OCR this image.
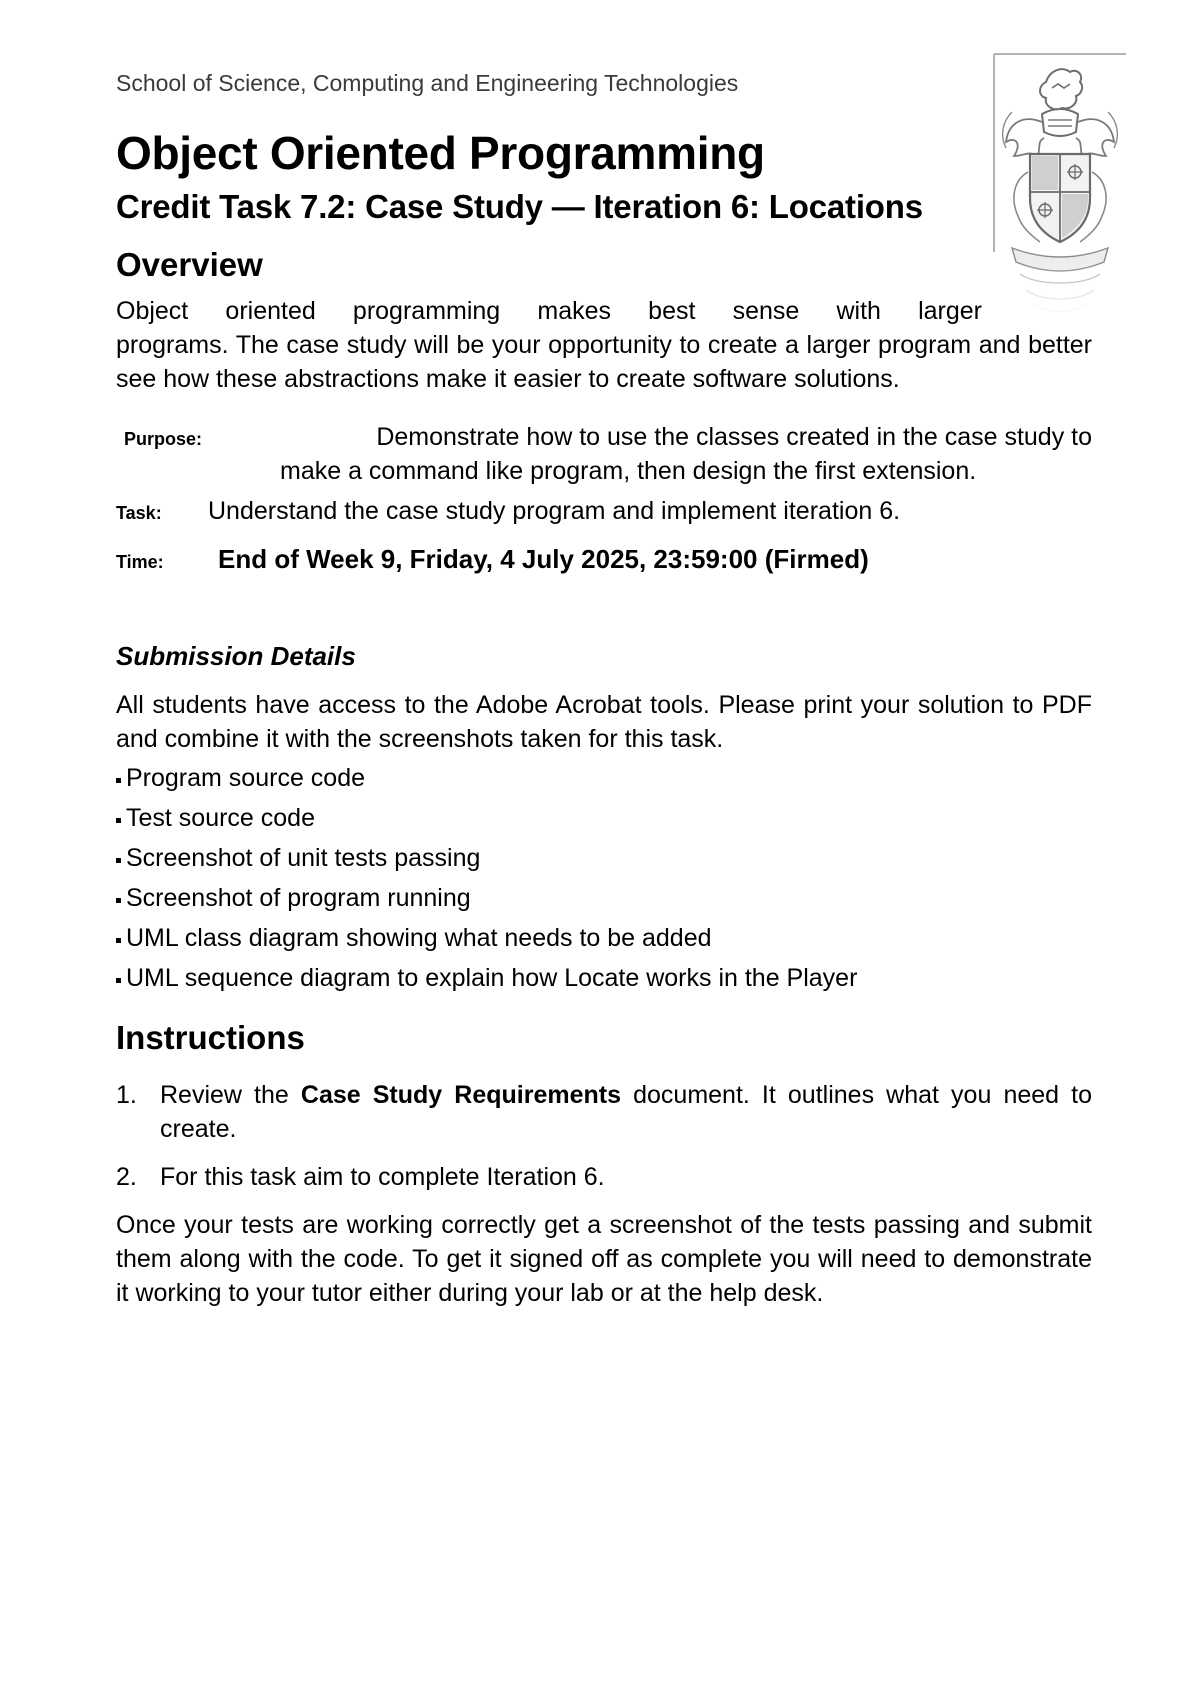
School of Science, Computing and Engineering Technologies

Object Oriented Programming
Credit Task 7.2: Case Study — Iteration 6: Locations
Overview

Object oriented programming makes best sense with larger

programs. The case study will be your opportunity to create a larger program and better see how these abstractions make it easier to create software solutions.

Purpose:	Demonstrate how to use the classes created in the case study to
make a command like program, then design the first extension.
Task:	Understand the case study program and implement iteration 6.
Time:	End of Week 9, Friday, 4 July 2025, 23:59:00 (Firmed)
Submission Details

All students have access to the Adobe Acrobat tools. Please print your solution to PDF and combine it with the screenshots taken for this task.

Program source code
Test source code
Screenshot of unit tests passing
Screenshot of program running
UML class diagram showing what needs to be added
UML sequence diagram to explain how Locate works in the Player
Instructions
1. Review the Case Study Requirements document. It outlines what you need to create.
2. For this task aim to complete Iteration 6.

Once your tests are working correctly get a screenshot of the tests passing and submit them along with the code. To get it signed off as complete you will need to demonstrate it working to your tutor either during your lab or at the help desk.
